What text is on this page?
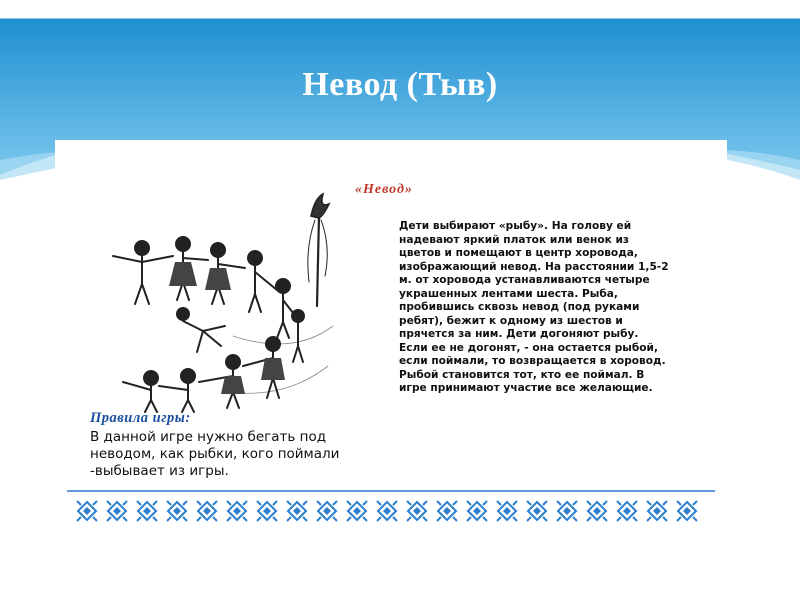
Невод (Тыв)
«Невод»

Дети выбирают «рыбу». На голову ей
надевают яркий платок или венок из
цветов и помещают в центр хоровода,
изображающий невод. На расстоянии 1,5-2
м. от хоровода устанавливаются четыре
украшенных лентами шеста. Рыба,
пробившись сквозь невод (под руками
ребят), бежит к одному из шестов и
прячется за ним. Дети догоняют рыбу.
Если ее не догонят, - она остается рыбой,
если поймали, то возвращается в хоровод.
Рыбой становится тот, кто ее поймал. В
игре принимают участие все желающие.

Правила игры:

В данной игре нужно бегать под
неводом, как рыбки, кого поймали
-выбывает из игры.
